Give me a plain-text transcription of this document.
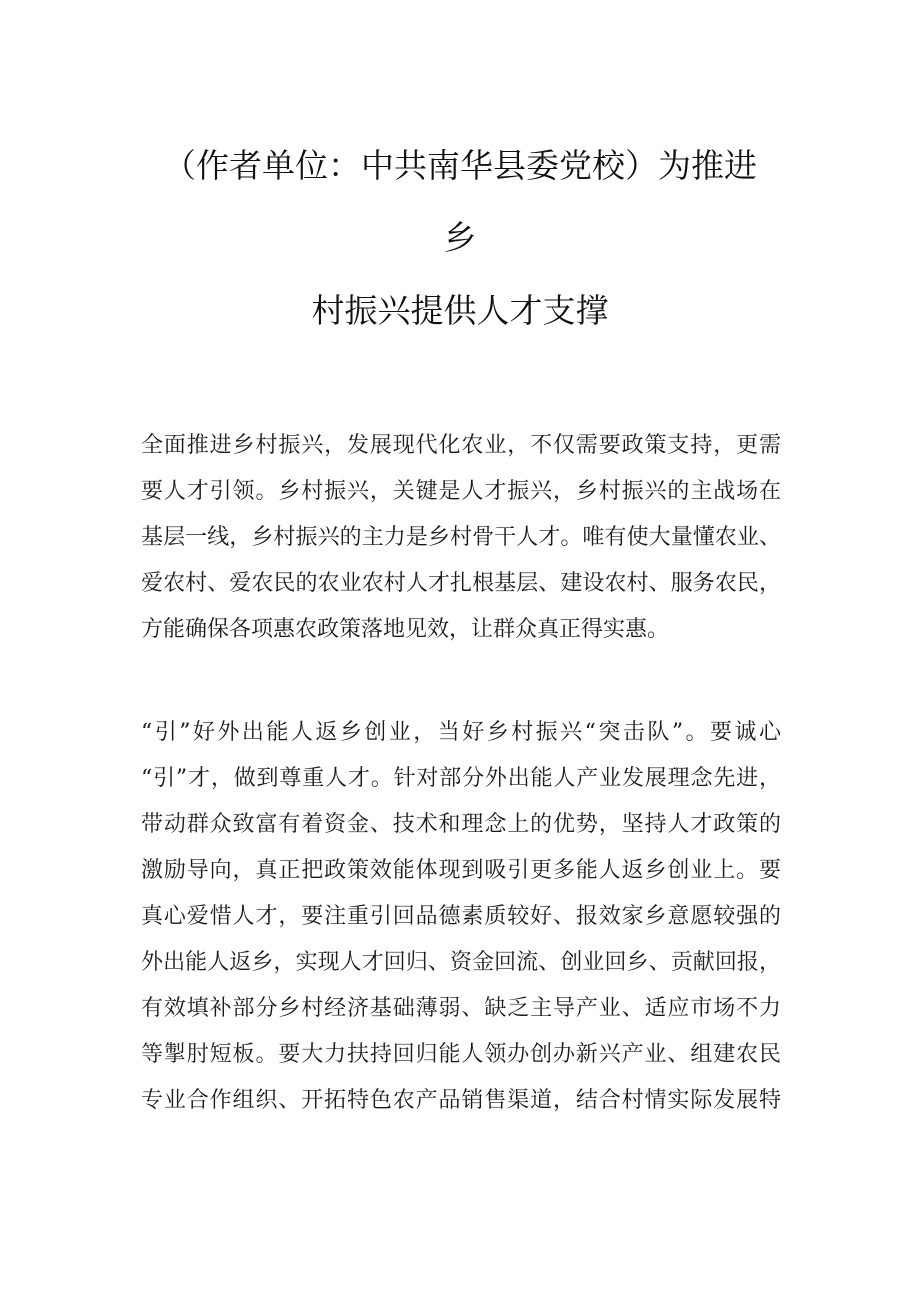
（作者单位：中共南华县委党校）为推进
乡
村振兴提供人才支撑
全面推进乡村振兴，发展现代化农业，不仅需要政策支持，更需
要人才引领。乡村振兴，关键是人才振兴，乡村振兴的主战场在
基层一线，乡村振兴的主力是乡村骨干人才。唯有使大量懂农业、
爱农村、爱农民的农业农村人才扎根基层、建设农村、服务农民，
方能确保各项惠农政策落地见效，让群众真正得实惠。
“引”好外出能人返乡创业，当好乡村振兴“突击队”。要诚心
“引”才，做到尊重人才。针对部分外出能人产业发展理念先进，
带动群众致富有着资金、技术和理念上的优势，坚持人才政策的
激励导向，真正把政策效能体现到吸引更多能人返乡创业上。要
真心爱惜人才，要注重引回品德素质较好、报效家乡意愿较强的
外出能人返乡，实现人才回归、资金回流、创业回乡、贡献回报，
有效填补部分乡村经济基础薄弱、缺乏主导产业、适应市场不力
等掣肘短板。要大力扶持回归能人领办创办新兴产业、组建农民
专业合作组织、开拓特色农产品销售渠道，结合村情实际发展特
